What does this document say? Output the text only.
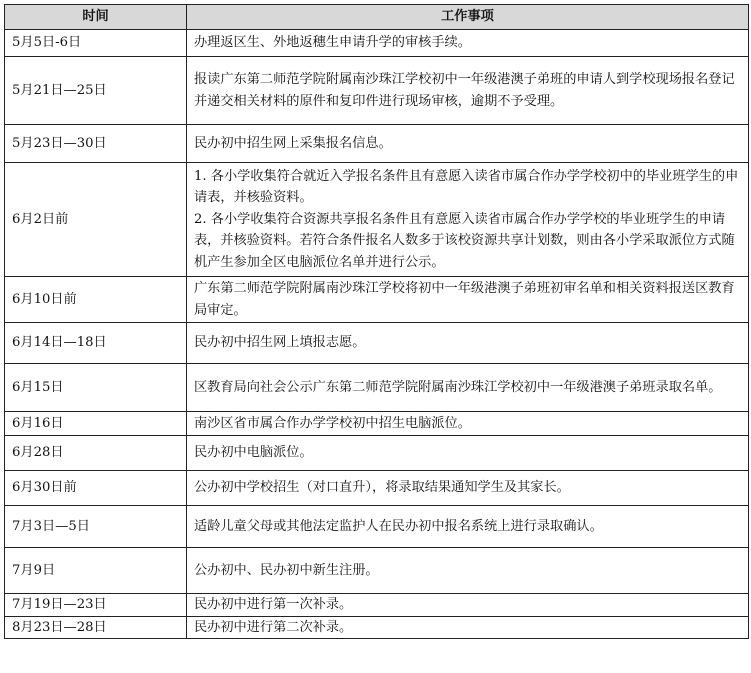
时间	工作事项
5月5日-6日	办理返区生、外地返穗生申请升学的审核手续。

5月21日—25日	报读广东第二师范学院附属南沙珠江学校初中一年级港澳子弟班的申请人到学校现场报名登记并递交相关材料的原件和复印件进行现场审核，逾期不予受理。

5月23日—30日	民办初中招生网上采集报名信息。

6月2日前	1. 各小学收集符合就近入学报名条件且有意愿入读省市属合作办学学校初中的毕业班学生的申请表，并核验资料。
2. 各小学收集符合资源共享报名条件且有意愿入读省市属合作办学学校的毕业班学生的申请表，并核验资料。若符合条件报名人数多于该校资源共享计划数，则由各小学采取派位方式随机产生参加全区电脑派位名单并进行公示。

6月10日前	广东第二师范学院附属南沙珠江学校将初中一年级港澳子弟班初审名单和相关资料报送区教育局审定。

6月14日—18日	民办初中招生网上填报志愿。

6月15日	区教育局向社会公示广东第二师范学院附属南沙珠江学校初中一年级港澳子弟班录取名单。

6月16日	南沙区省市属合作办学学校初中招生电脑派位。

6月28日	民办初中电脑派位。

6月30日前	公办初中学校招生（对口直升），将录取结果通知学生及其家长。

7月3日—5日	适龄儿童父母或其他法定监护人在民办初中报名系统上进行录取确认。

7月9日	公办初中、民办初中新生注册。

7月19日—23日	民办初中进行第一次补录。

8月23日—28日	民办初中进行第二次补录。
